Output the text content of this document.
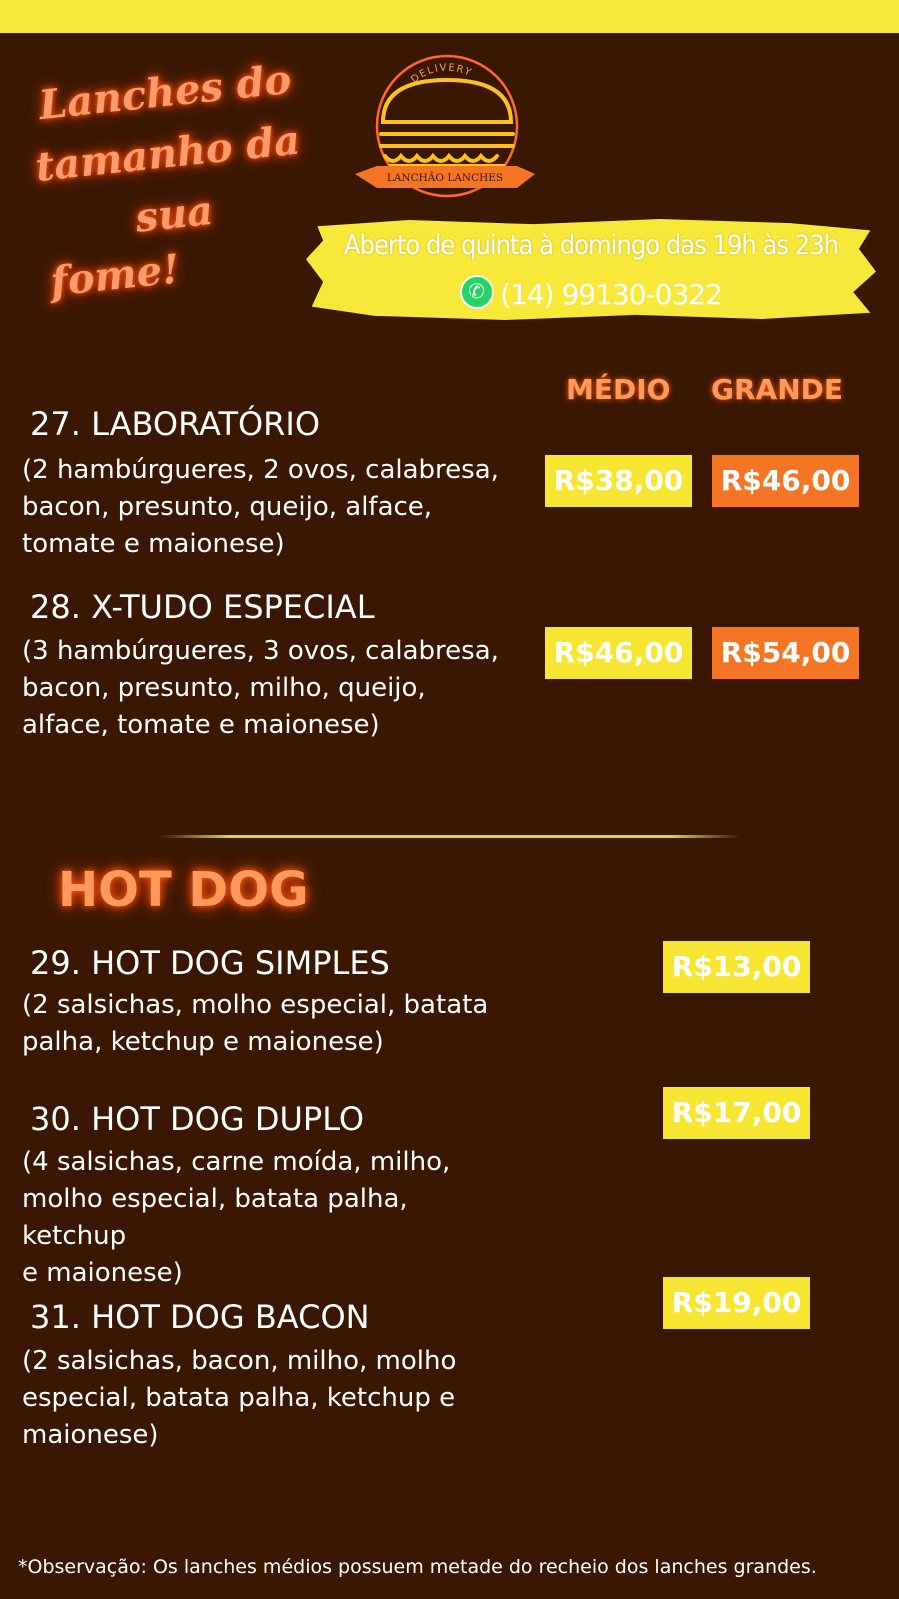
Lanches do
tamanho da sua
fome!
DELIVERY
LANCHÃO LANCHES
Aberto de quinta à domingo das 19h às 23h
✆(14) 99130-0322
MÉDIO GRANDE
27. LABORATÓRIO
(2 hambúrgueres, 2 ovos, calabresa,
bacon, presunto, queijo, alface,
tomate e maionese)
R$38,00	R$46,00
28. X-TUDO ESPECIAL
(3 hambúrgueres, 3 ovos, calabresa,
bacon, presunto, milho, queijo,
alface, tomate e maionese)
R$46,00	R$54,00
HOT DOG
29. HOT DOG SIMPLES
(2 salsichas, molho especial, batata
palha, ketchup e maionese)
R$13,00
30. HOT DOG DUPLO
(4 salsichas, carne moída, milho,
molho especial, batata palha, ketchup
e maionese)
R$17,00
31. HOT DOG BACON
(2 salsichas, bacon, milho, molho
especial, batata palha, ketchup e
maionese)
R$19,00
*Observação: Os lanches médios possuem metade do recheio dos lanches grandes.
